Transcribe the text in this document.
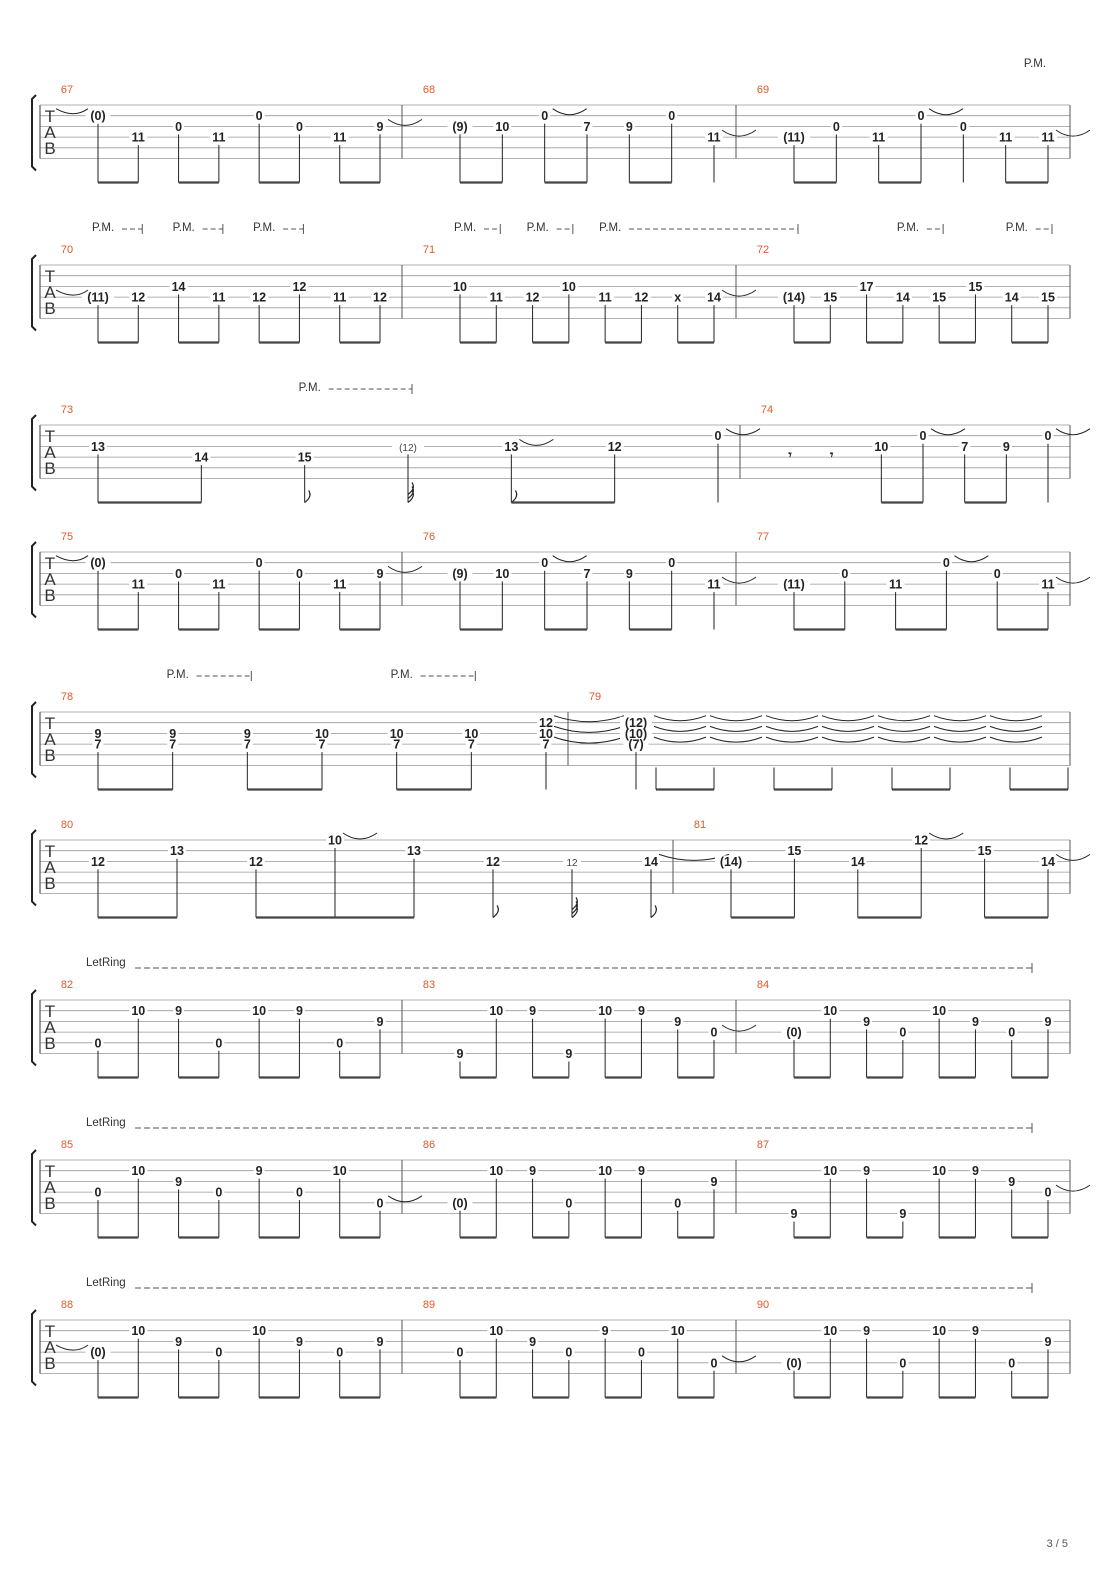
P.M.
T
A
B
67
(0)
11
0
11
0
0
11
9
68
(9) 10
0
7	9
0
11
69
(11)
0
11
0
0
11 11
T
A
B
70
(11) 12
14
11 12
12
11 12
71
10
11 12
10
11 12 x 14
72
(14) 15
17
14 15
15
14 15
P.M.	P.M.	P.M.	P.M.	P.M.	P.M.	P.M.	P.M.
T
A
B
73
13
14	15
(12)	13	12
0
74
𝄾	𝄾
10
0
7	9
0
P.M.
T
A
B
75
(0)
11
0
11
0
0
11
9
76
(9) 10
0
7	9
0
11
77
(11)
0
11
0
0
11
T
A
B
78
9
7
9
7
9
7
10
7
10
7
10
7
12
10
7
79
(12)
(10)
(7)
P.M.	P.M.
T
A
B
80
12
13
12
10
13
12	12	14
81
(14)
15
14
12
15
14
T
A
B
82
0
10 9
0
10 9
0
9
83
9
10 9
9
10 9
9
0
84
(0)
10
9
0
10
9
0
9
LetRing
T
A
B
85
0
10
9
0
9
0
10
0
86
(0)
10 9
0
10 9
0
9
87
9
10 9
9
10 9
9
0
LetRing
T
A
B
88
(0)
10
9
0
10
9
0
9
89
0
10
9
0
9
0
10
0
90
(0)
10 9
0
10 9
0
9
LetRing
3 / 5
